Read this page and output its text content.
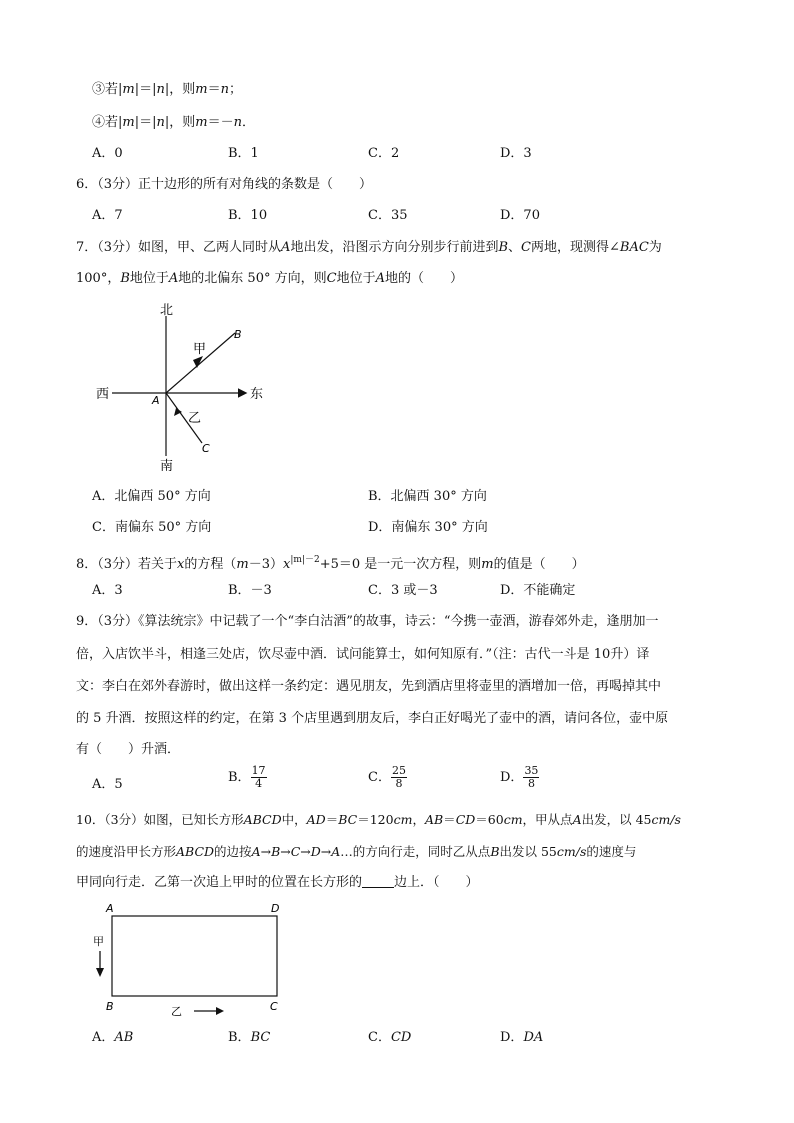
③若|m|＝|n|，则m＝n；
④若|m|＝|n|，则m＝－n．
A．0	B．1	C．2	D．3
6．（3分）正十边形的所有对角线的条数是（　　）
A．7	B．10	C．35	D．70
7．（3分）如图，甲、乙两人同时从A地出发，沿图示方向分别步行前进到B、C两地，现测得∠BAC为
100°，B地位于A地的北偏东 50° 方向，则C地位于A地的（　　）
北
南
东
西	A
B
C
甲
乙
A．北偏西 50° 方向	B．北偏西 30° 方向
C．南偏东 50° 方向	D．南偏东 30° 方向
8．（3分）若关于x的方程$(m-3)x^{|m|-2}+5=0$ 是一元一次方程，则m的值是（　　）
A．3	B．－3	C．3 或－3	D．不能确定
9．（3分）《算法统宗》中记载了一个“李白沽酒”的故事，诗云：“今携一壶酒，游春郊外走，逢朋加一
倍，入店饮半斗，相逢三处店，饮尽壶中酒．试问能算士，如何知原有．”（注：古代一斗是 10升）译
文：李白在郊外春游时，做出这样一条约定：遇见朋友，先到酒店里将壶里的酒增加一倍，再喝掉其中
的 5 升酒．按照这样的约定，在第 3 个店里遇到朋友后，李白正好喝光了壶中的酒，请问各位，壶中原
有（　　）升酒．
A．5	B． $\frac{17}{4}$	C． $\frac{25}{8}$	D． $\frac{35}{8}$
10．（3分）如图，已知长方形ABCD中，AD＝BC＝120cm，AB＝CD＝60cm，甲从点A出发，以 45cm/s
的速度沿甲长方形ABCD的边按A→B→C→D→A…的方向行走，同时乙从点B出发以 55cm/s的速度与
甲同向行走．乙第一次追上甲时的位置在长方形的 边上．（　　）
A	D
B	C
甲
乙
A．AB	B．BC	C．CD	D．DA
